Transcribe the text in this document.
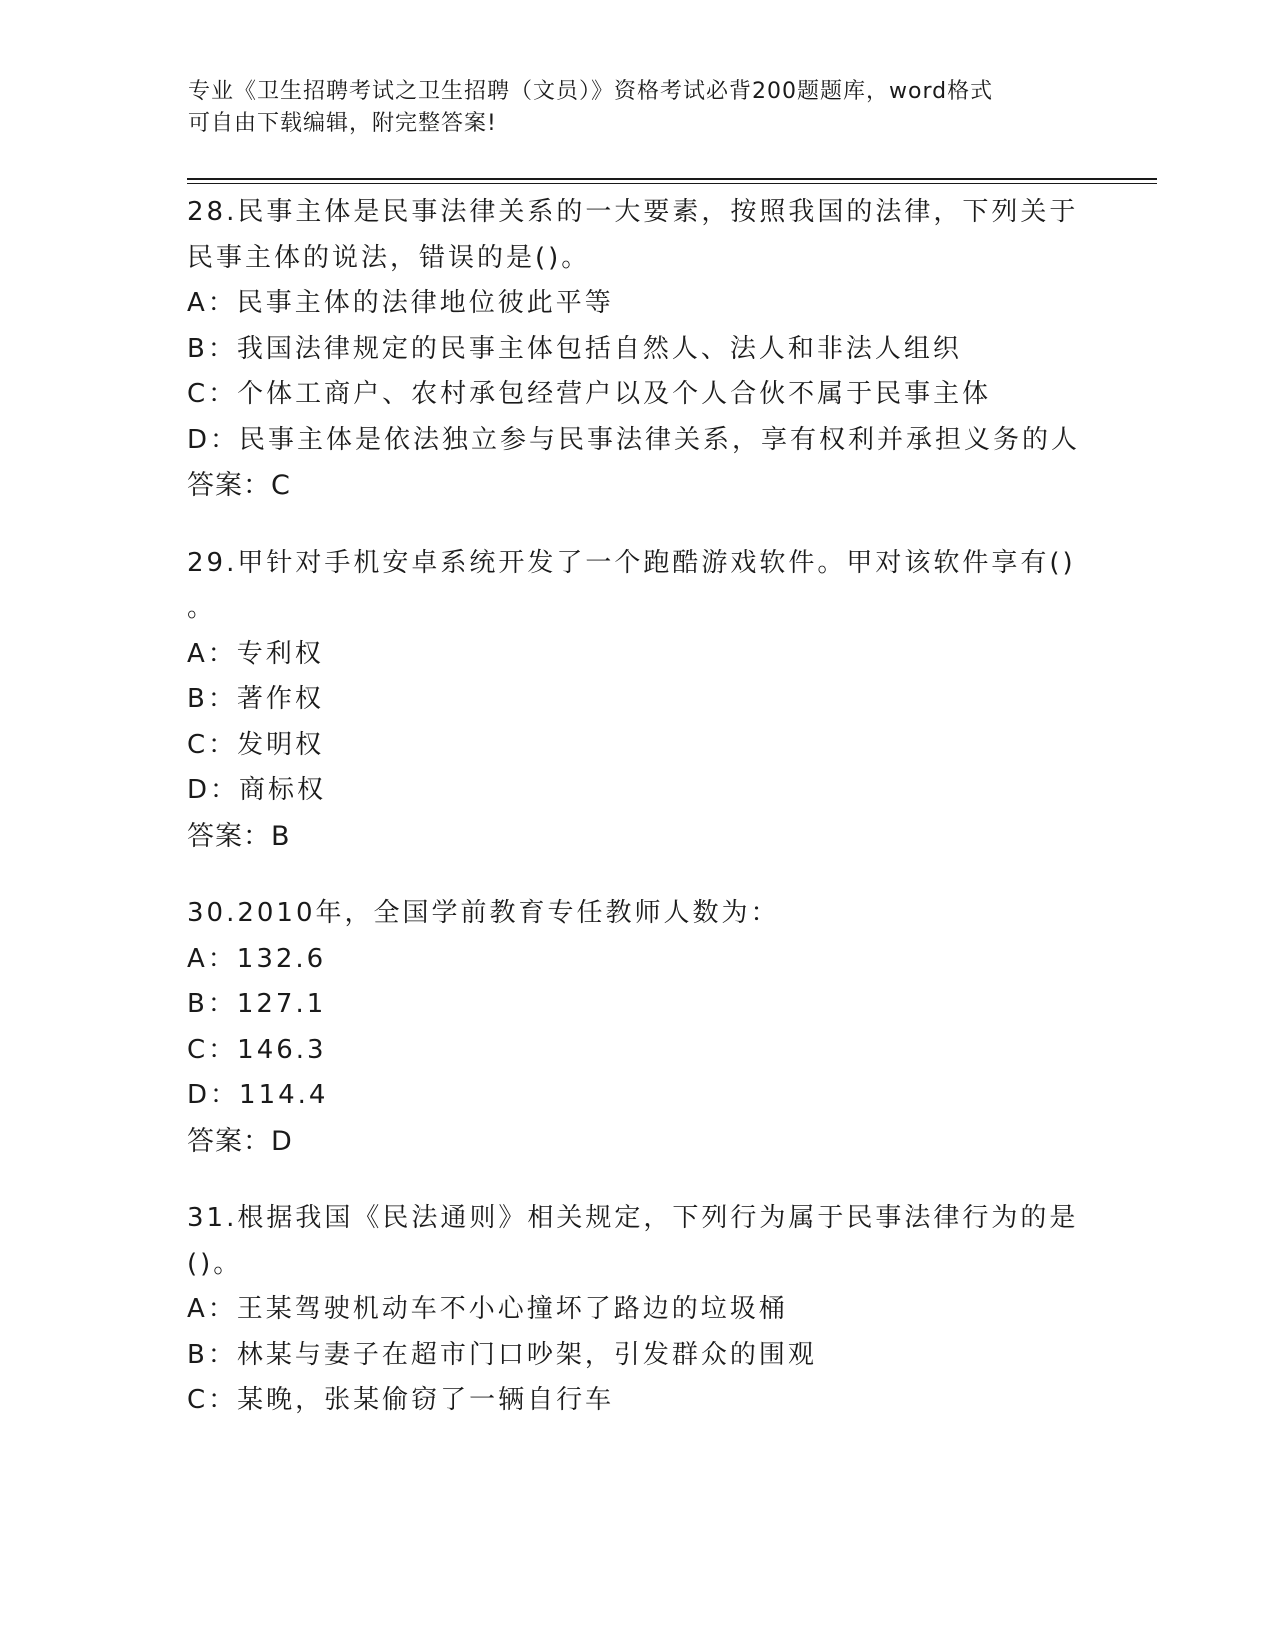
专业《卫生招聘考试之卫生招聘（文员）》资格考试必背200题题库，word格式
可自由下载编辑，附完整答案!
28.民事主体是民事法律关系的一大要素，按照我国的法律，下列关于
民事主体的说法，错误的是()。
A：民事主体的法律地位彼此平等
B：我国法律规定的民事主体包括自然人、法人和非法人组织
C：个体工商户、农村承包经营户以及个人合伙不属于民事主体
D：民事主体是依法独立参与民事法律关系，享有权利并承担义务的人
答案：C
29.甲针对手机安卓系统开发了一个跑酷游戏软件。甲对该软件享有()
。
A：专利权
B：著作权
C：发明权
D：商标权
答案：B
30.2010年，全国学前教育专任教师人数为：
A：132.6
B：127.1
C：146.3
D：114.4
答案：D
31.根据我国《民法通则》相关规定，下列行为属于民事法律行为的是
()。
A：王某驾驶机动车不小心撞坏了路边的垃圾桶
B：林某与妻子在超市门口吵架，引发群众的围观
C：某晚，张某偷窃了一辆自行车
